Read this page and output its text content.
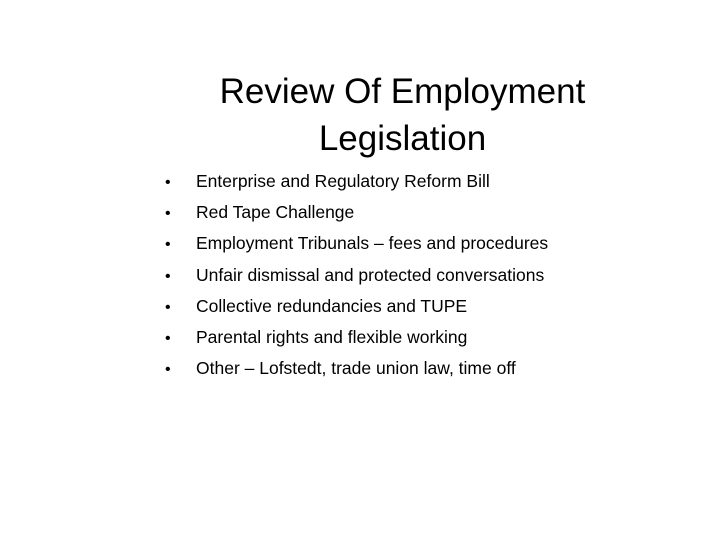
Review Of Employment Legislation
•	Enterprise and Regulatory Reform Bill
•	Red Tape Challenge
•	Employment Tribunals – fees and procedures
•	Unfair dismissal and protected conversations
•	Collective redundancies and TUPE
•	Parental rights and flexible working
•	Other – Lofstedt, trade union law, time off
